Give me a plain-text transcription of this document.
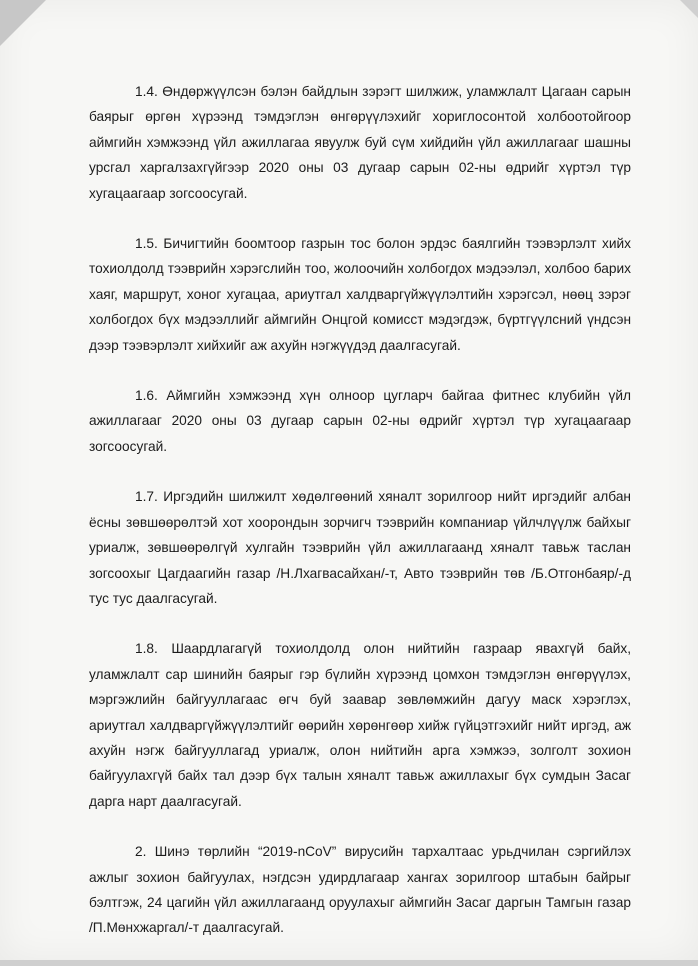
1.4. Өндөржүүлсэн бэлэн байдлын зэрэгт шилжиж, уламжлалт Цагаан сарын баярыг өргөн хүрээнд тэмдэглэн өнгөрүүлэхийг хориглосонтой холбоотойгоор аймгийн хэмжээнд үйл ажиллагаа явуулж буй сүм хийдийн үйл ажиллагааг шашны урсгал харгалзахгүйгээр 2020 оны 03 дугаар сарын 02-ны өдрийг хүртэл түр хугацаагаар зогсоосугай.

1.5. Бичигтийн боомтоор газрын тос болон эрдэс баялгийн тээвэрлэлт хийх тохиолдолд тээврийн хэрэгслийн тоо, жолоочийн холбогдох мэдээлэл, холбоо барих хаяг, маршрут, хоног хугацаа, ариутгал халдваргүйжүүлэлтийн хэрэгсэл, нөөц зэрэг холбогдох бүх мэдээллийг аймгийн Онцгой комисст мэдэгдэж, бүртгүүлсний үндсэн дээр тээвэрлэлт хийхийг аж ахуйн нэгжүүдэд даалгасугай.

1.6. Аймгийн хэмжээнд хүн олноор цугларч байгаа фитнес клубийн үйл ажиллагааг 2020 оны 03 дугаар сарын 02-ны өдрийг хүртэл түр хугацаагаар зогсоосугай.

1.7. Иргэдийн шилжилт хөдөлгөөний хяналт зорилгоор нийт иргэдийг албан ёсны зөвшөөрөлтэй хот хоорондын зорчигч тээврийн компаниар үйлчлүүлж байхыг уриалж, зөвшөөрөлгүй хулгайн тээврийн үйл ажиллагаанд хяналт тавьж таслан зогсоохыг Цагдаагийн газар /Н.Лхагвасайхан/-т, Авто тээврийн төв /Б.Отгонбаяр/-д тус тус даалгасугай.

1.8. Шаардлагагүй тохиолдолд олон нийтийн газраар явахгүй байх, уламжлалт сар шинийн баярыг гэр бүлийн хүрээнд цомхон тэмдэглэн өнгөрүүлэх, мэргэжлийн байгууллагаас өгч буй заавар зөвлөмжийн дагуу маск хэрэглэх, ариутгал халдваргүйжүүлэлтийг өөрийн хөрөнгөөр хийж гүйцэтгэхийг нийт иргэд, аж ахуйн нэгж байгууллагад уриалж, олон нийтийн арга хэмжээ, золголт зохион байгуулахгүй байх тал дээр бүх талын хяналт тавьж ажиллахыг бүх сумдын Засаг дарга нарт даалгасугай.

2. Шинэ төрлийн “2019-nCoV” вирусийн тархалтаас урьдчилан сэргийлэх ажлыг зохион байгуулах, нэгдсэн удирдлагаар хангах зорилгоор штабын байрыг бэлтгэж, 24 цагийн үйл ажиллагаанд оруулахыг аймгийн Засаг даргын Тамгын газар /П.Мөнхжаргал/-т даалгасугай.
